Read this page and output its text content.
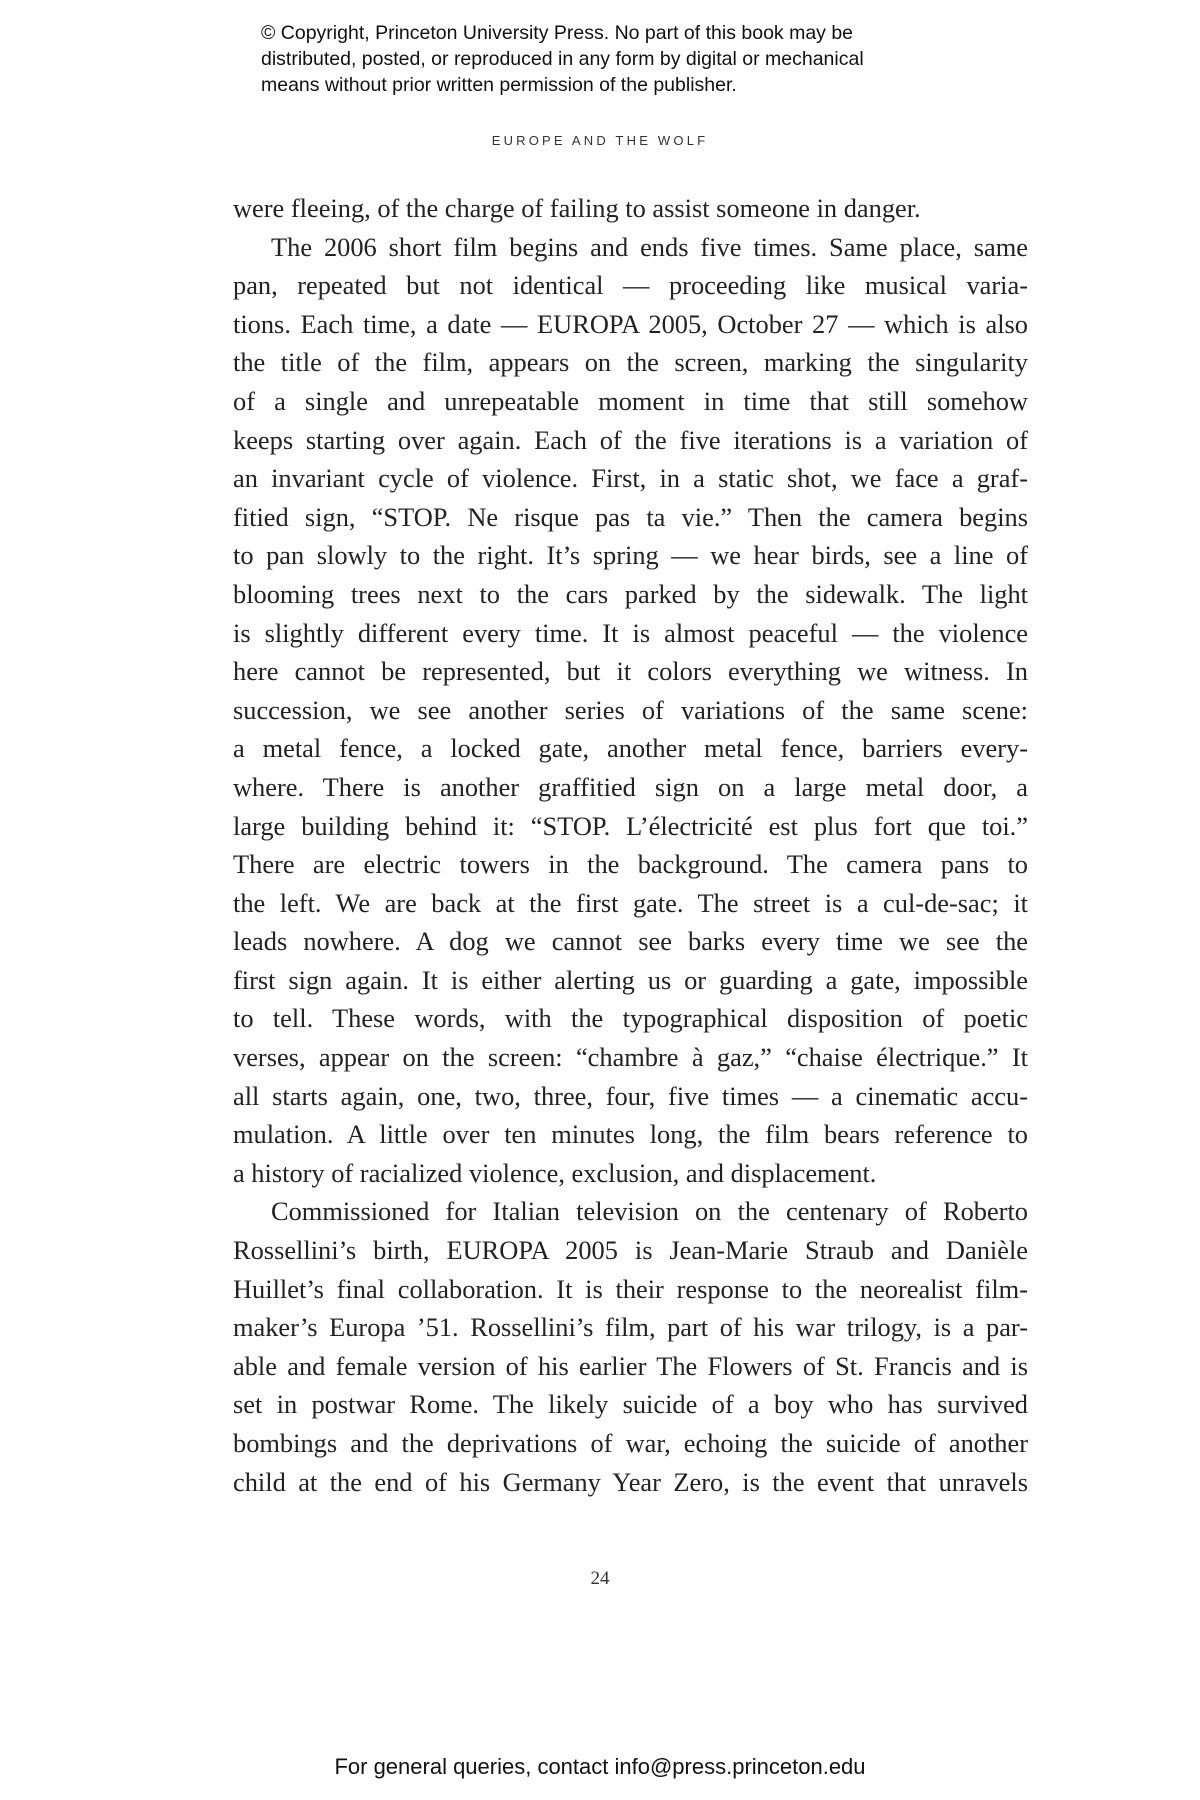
© Copyright, Princeton University Press. No part of this book may be
distributed, posted, or reproduced in any form by digital or mechanical
means without prior written permission of the publisher.
EUROPE AND THE WOLF
were fleeing, of the charge of failing to assist someone in danger.
The 2006 short film begins and ends five times. Same place, same
pan, repeated but not identical — proceeding like musical varia-
tions. Each time, a date — EUROPA 2005, October 27 — which is also
the title of the film, appears on the screen, marking the singularity
of a single and unrepeatable moment in time that still somehow
keeps starting over again. Each of the five iterations is a variation of
an invariant cycle of violence. First, in a static shot, we face a graf-
fitied sign, “STOP. Ne risque pas ta vie.” Then the camera begins
to pan slowly to the right. It’s spring — we hear birds, see a line of
blooming trees next to the cars parked by the sidewalk. The light
is slightly different every time. It is almost peaceful — the violence
here cannot be represented, but it colors everything we witness. In
succession, we see another series of variations of the same scene:
a metal fence, a locked gate, another metal fence, barriers every-
where. There is another graffitied sign on a large metal door, a
large building behind it: “STOP. L’électricité est plus fort que toi.”
There are electric towers in the background. The camera pans to
the left. We are back at the first gate. The street is a cul-de-sac; it
leads nowhere. A dog we cannot see barks every time we see the
first sign again. It is either alerting us or guarding a gate, impossible
to tell. These words, with the typographical disposition of poetic
verses, appear on the screen: “chambre à gaz,” “chaise électrique.” It
all starts again, one, two, three, four, five times — a cinematic accu-
mulation. A little over ten minutes long, the film bears reference to
a history of racialized violence, exclusion, and displacement.
Commissioned for Italian television on the centenary of Roberto
Rossellini’s birth, EUROPA 2005 is Jean-Marie Straub and Danièle
Huillet’s final collaboration. It is their response to the neorealist film-
maker’s Europa ’51. Rossellini’s film, part of his war trilogy, is a par-
able and female version of his earlier The Flowers of St. Francis and is
set in postwar Rome. The likely suicide of a boy who has survived
bombings and the deprivations of war, echoing the suicide of another
child at the end of his Germany Year Zero, is the event that unravels
24
For general queries, contact info@press.princeton.edu
